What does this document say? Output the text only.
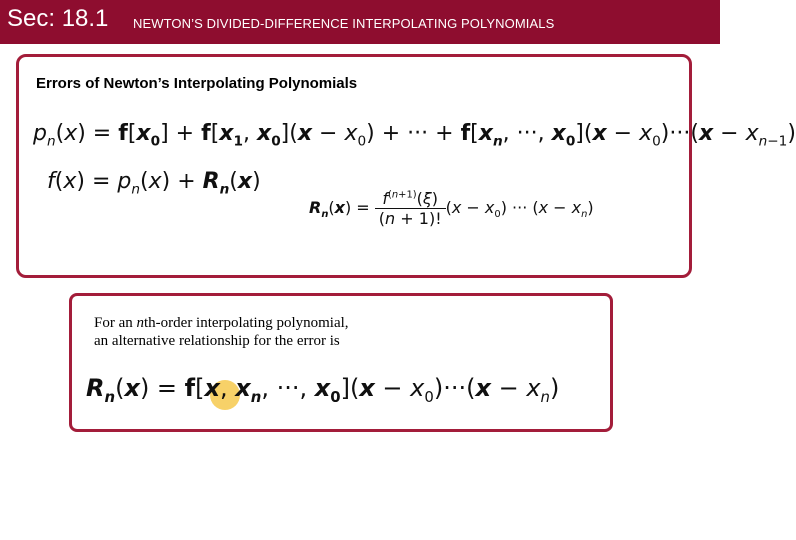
Sec: 18.1 NEWTON’S DIVIDED-DIFFERENCE INTERPOLATING POLYNOMIALS
Errors of Newton’s Interpolating Polynomials
$p_n(x) = f[x_0] + f[x_1$, $x_0](x - x_0)$ + ··· + $f[x_n$, ···, $x_0](x - x_0)\cdot\cdot\cdot(x - x_{n-1})$
$f(x) = p_n(x) + R_n(x)$
$R_n(x) = \frac{f^{(n+1)}(\xi)}{(n + 1)!} (x - x_0)$ ··· $(x - x_n)$
For an nth-order interpolating polynomial,
an alternative relationship for the error is
$R_n(x) = f[x$, $x_n$, ···, $x_0](x - x_0)\cdot\cdot\cdot(x - x_n)$
